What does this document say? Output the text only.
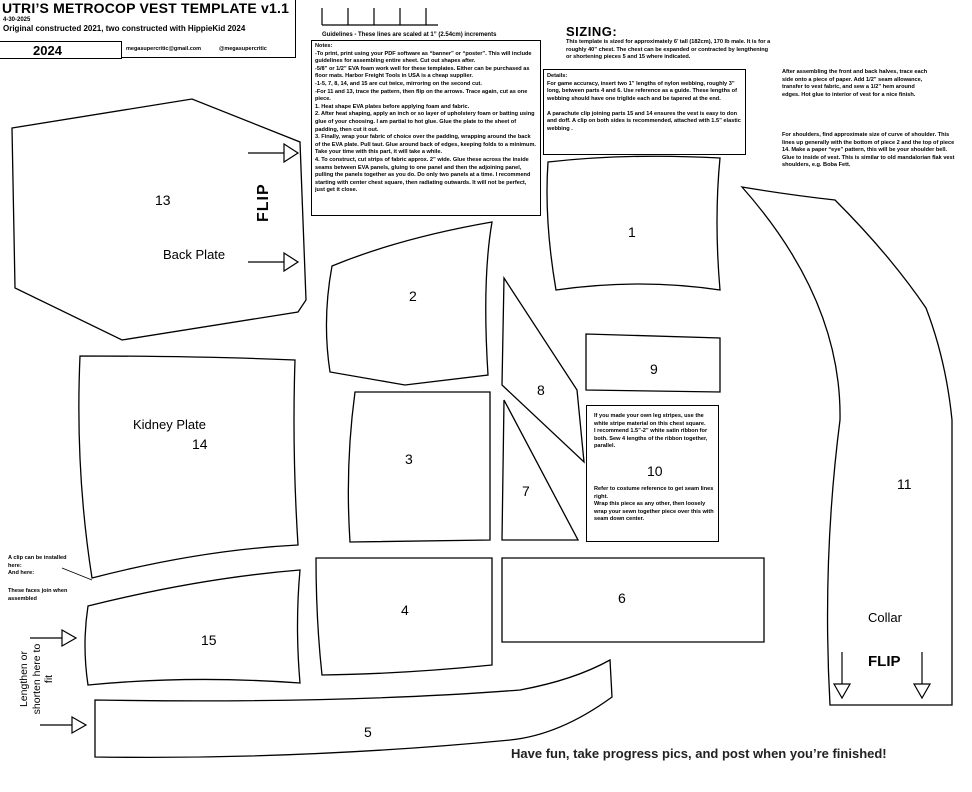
13
Back Plate
2
1
8
9
3
7
Kidney Plate
14
11
Collar
FLIP
4
6
15
5
FLIP
UTRI’S METROCOP VEST TEMPLATE v1.1
4-30-2025
Original constructed 2021, two constructed with HippieKid 2024
2024	megasupercritic@gmail.com	@megasupercritic
Guidelines - These lines are scaled at 1” (2.54cm) increments
Notes:
-To print, print using your PDF software as “banner” or “poster”. This will include guidelines for assembling entire sheet. Cut out shapes after.
-5/8” or 1/2” EVA foam work well for these templates. Either can be purchased as floor mats. Harbor Freight Tools in USA is a cheap supplier.
-1-5, 7, 8, 14, and 15 are cut twice, mirroring on the second cut.
-For 11 and 13, trace the pattern, then flip on the arrows. Trace again, cut as one piece.
1. Heat shape EVA plates before applying foam and fabric.
2. After heat shaping, apply an inch or so layer of upholstery foam or batting using glue of your choosing. I am partial to hot glue. Glue the plate to the sheet of padding, then cut it out.
3. Finally, wrap your fabric of choice over the padding, wrapping around the back of the EVA plate. Pull taut. Glue around back of edges, keeping folds to a minimum. Take your time with this part, it will take a while.
4. To construct, cut strips of fabric approx. 2” wide. Glue these across the inside seams between EVA panels, gluing to one panel and then the adjoining panel, pulling the panels together as you do. Do only two panels at a time. I recommend starting with center chest square, then radiating outwards. It will not be perfect, just get it close.
SIZING:
This template is sized for approximately 6’ tall (182cm), 170 lb male. It is for a roughly 40” chest. The chest can be expanded or contracted by lengthening or shortening pieces 5 and 15 where indicated.
Details:
For game accuracy, insert two 1” lengths of nylon webbing, roughly 3” long, between parts 4 and 6. Use reference as a guide. These lengths of webbing should have one triglide each and be tapered at the end.

A parachute clip joining parts 15 and 14 ensures the vest is easy to don and doff. A clip on both sides is recommended, attached with 1.5” elastic webbing .
After assembling the front and back halves, trace each side onto a piece of paper. Add 1/2” seam allowance, transfer to vest fabric, and sew a 1/2” hem around edges. Hot glue to interior of vest for a nice finish.
For shoulders, find approximate size of curve of shoulder. This lines up generally with the bottom of piece 2 and the top of piece 14. Make a paper “eye” pattern, this will be your shoulder bell. Glue to inside of vest. This is similar to old mandalorian flak vest shoulders, e.g. Boba Fett.
If you made your own leg stripes, use the white stripe material on this chest square.
I recommend 1.5”-2” white satin ribbon for both. Sew 4 lengths of the ribbon together, parallel.
10
Refer to costume reference to get seam lines right.
Wrap this piece as any other, then loosely wrap your sewn together piece over this with seam down center.
A clip can be installed here:
And here:
These faces join when assembled
Lengthen or shorten here to fit
Have fun, take progress pics, and post when you’re finished!
